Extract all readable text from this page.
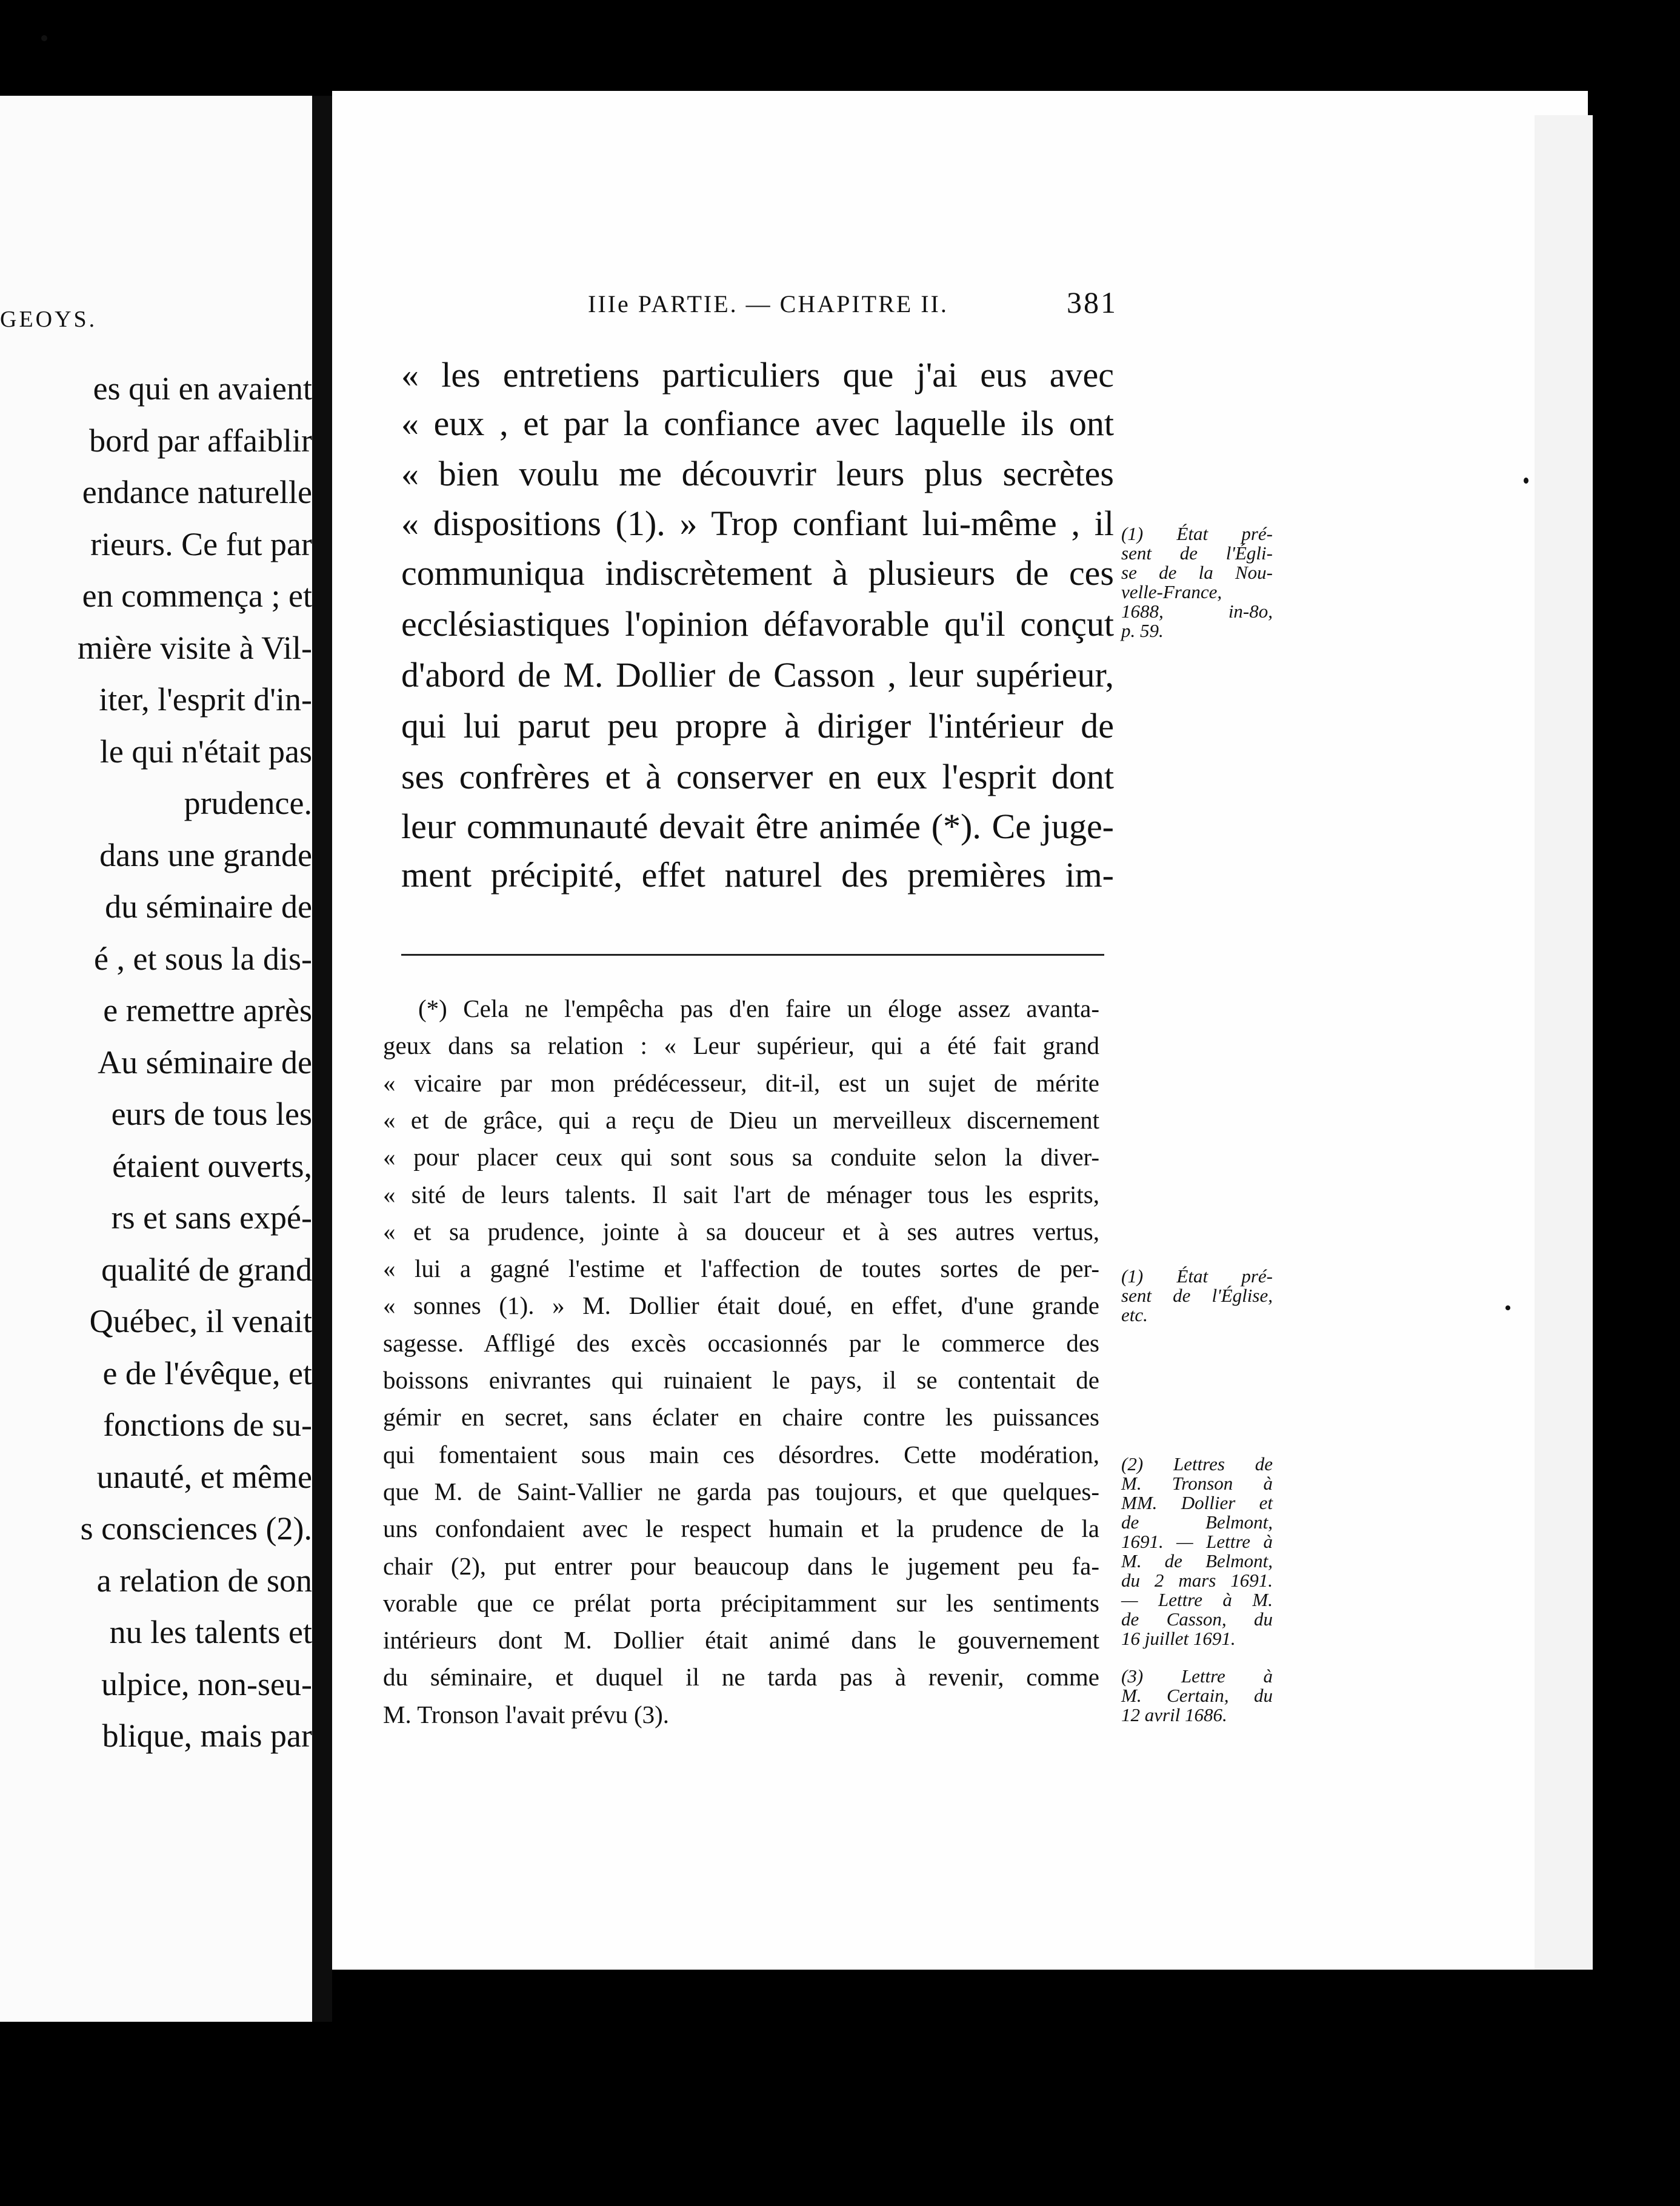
GEOYS.
es qui en avaient
bord par affaiblir
endance naturelle
rieurs. Ce fut par
en commença ; et
mière visite à Vil-
iter, l'esprit d'in-
le qui n'était pas
prudence.
dans une grande
du séminaire de
é , et sous la dis-
e remettre après
Au séminaire de
eurs de tous les
étaient ouverts,
rs et sans expé-
qualité de grand
Québec, il venait
e de l'évêque, et
fonctions de su-
unauté, et même
s consciences (2).
a relation de son
nu les talents et
ulpice, non-seu-
blique, mais par
IIIe PARTIE. — CHAPITRE II.	381
« les entretiens particuliers que j'ai eus avec
« eux , et par la confiance avec laquelle ils ont
« bien voulu me découvrir leurs plus secrètes
« dispositions (1). » Trop confiant lui-même , il
communiqua indiscrètement à plusieurs de ces
ecclésiastiques l'opinion défavorable qu'il conçut
d'abord de M. Dollier de Casson , leur supérieur,
qui lui parut peu propre à diriger l'intérieur de
ses confrères et à conserver en eux l'esprit dont
leur communauté devait être animée (*). Ce juge-
ment précipité, effet naturel des premières im-
(*) Cela ne l'empêcha pas d'en faire un éloge assez avanta-
geux dans sa relation : « Leur supérieur, qui a été fait grand
« vicaire par mon prédécesseur, dit-il, est un sujet de mérite
« et de grâce, qui a reçu de Dieu un merveilleux discernement
« pour placer ceux qui sont sous sa conduite selon la diver-
« sité de leurs talents. Il sait l'art de ménager tous les esprits,
« et sa prudence, jointe à sa douceur et à ses autres vertus,
« lui a gagné l'estime et l'affection de toutes sortes de per-
« sonnes (1). » M. Dollier était doué, en effet, d'une grande
sagesse. Affligé des excès occasionnés par le commerce des
boissons enivrantes qui ruinaient le pays, il se contentait de
gémir en secret, sans éclater en chaire contre les puissances
qui fomentaient sous main ces désordres. Cette modération,
que M. de Saint-Vallier ne garda pas toujours, et que quelques-
uns confondaient avec le respect humain et la prudence de la
chair (2), put entrer pour beaucoup dans le jugement peu fa-
vorable que ce prélat porta précipitamment sur les sentiments
intérieurs dont M. Dollier était animé dans le gouvernement
du séminaire, et duquel il ne tarda pas à revenir, comme
M. Tronson l'avait prévu (3).
(1) État pré-
sent de l'Égli-
se de la Nou-
velle-France,
1688, in-8o,
p. 59.
(1) État pré-
sent de l'Église,
etc.
(2) Lettres de
M. Tronson à
MM. Dollier et
de Belmont,
1691. — Lettre à
M. de Belmont,
du 2 mars 1691.
— Lettre à M.
de Casson, du
16 juillet 1691.
(3) Lettre à
M. Certain, du
12 avril 1686.
